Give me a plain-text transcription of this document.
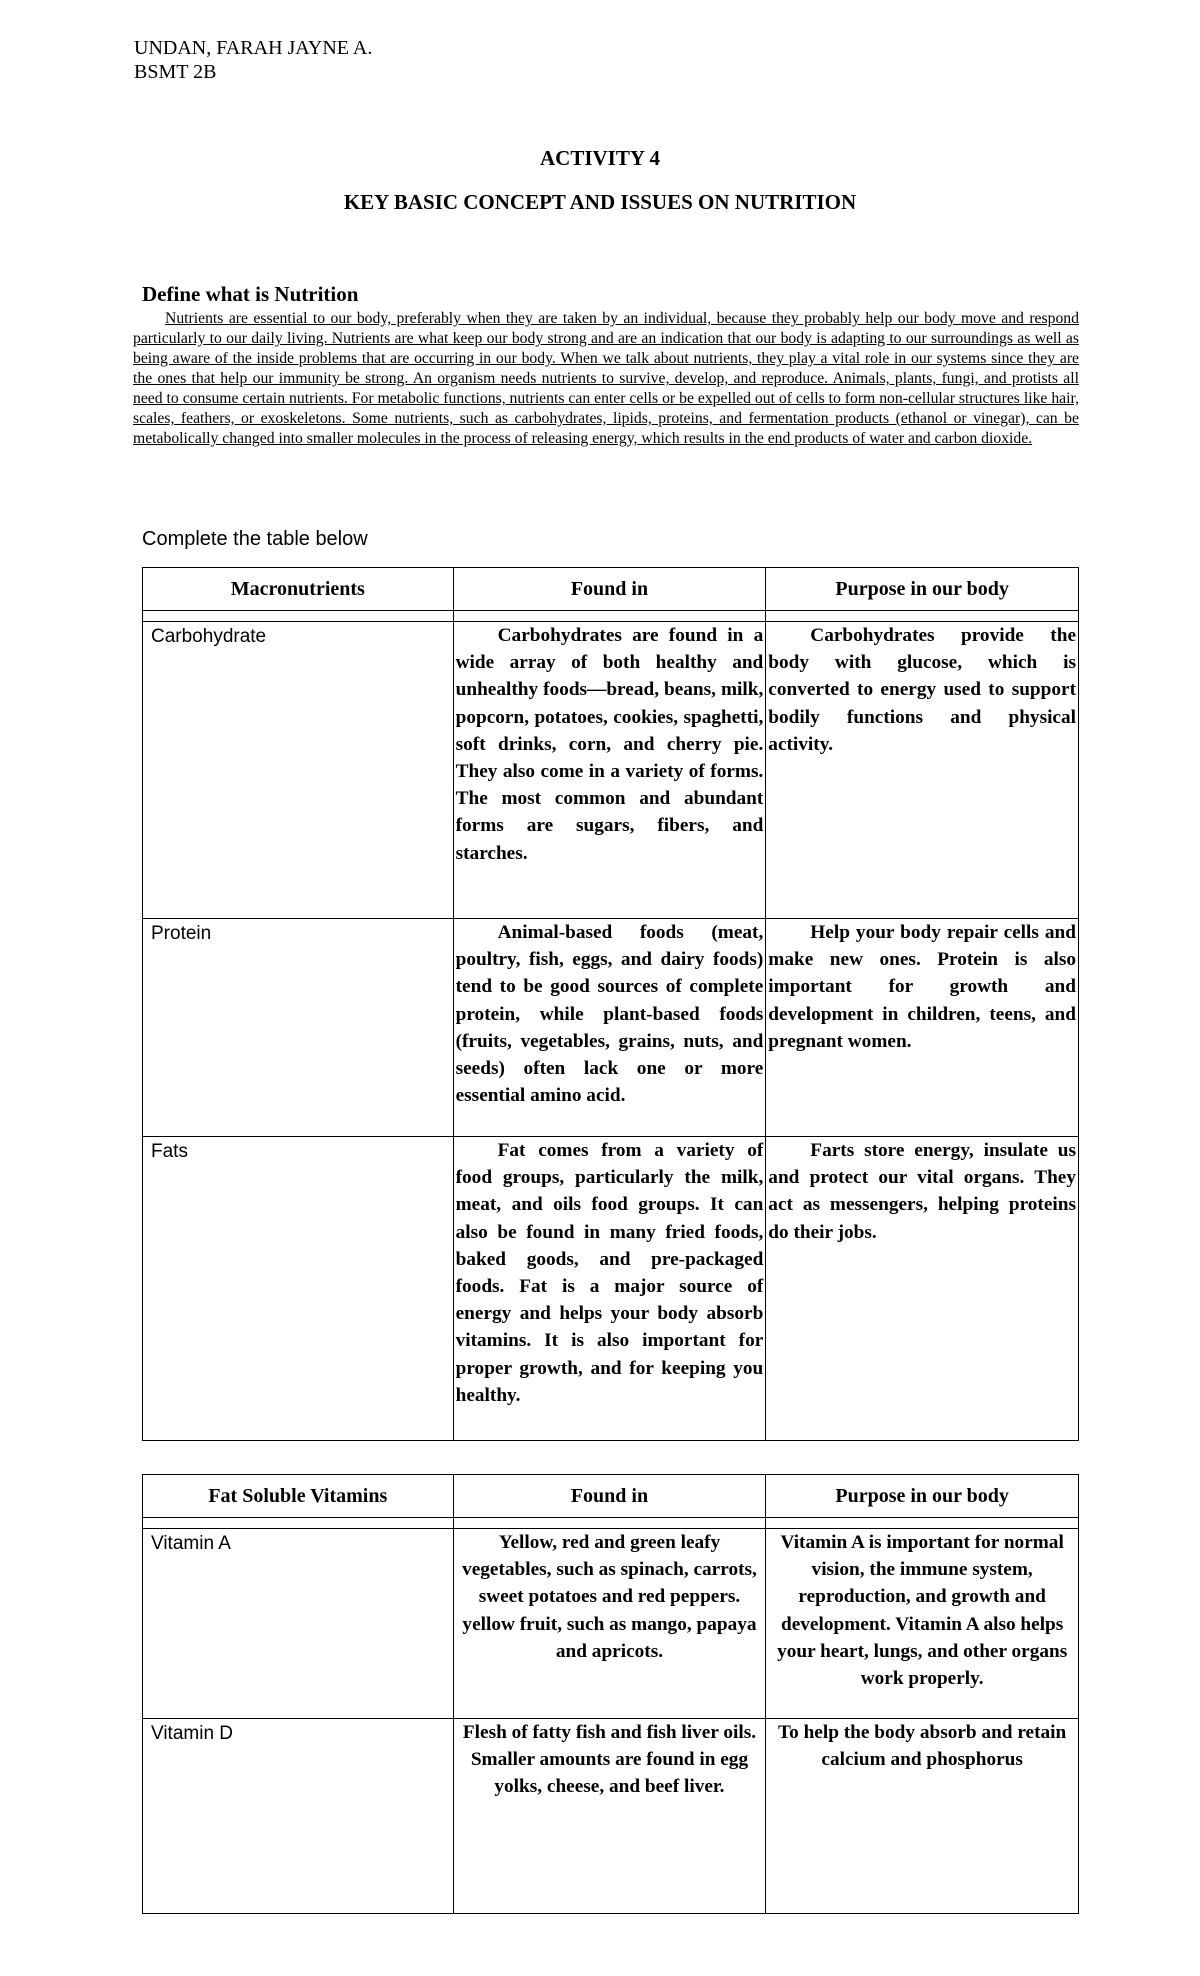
UNDAN, FARAH JAYNE A.
BSMT 2B
ACTIVITY 4
KEY BASIC CONCEPT AND ISSUES ON NUTRITION
Define what is Nutrition

Nutrients are essential to our body, preferably when they are taken by an individual, because they probably help our body move and respond particularly to our daily living. Nutrients are what keep our body strong and are an indication that our body is adapting to our surroundings as well as being aware of the inside problems that are occurring in our body. When we talk about nutrients, they play a vital role in our systems since they are the ones that help our immunity be strong. An organism needs nutrients to survive, develop, and reproduce. Animals, plants, fungi, and protists all need to consume certain nutrients. For metabolic functions, nutrients can enter cells or be expelled out of cells to form non-cellular structures like hair, scales, feathers, or exoskeletons. Some nutrients, such as carbohydrates, lipids, proteins, and fermentation products (ethanol or vinegar), can be metabolically changed into smaller molecules in the process of releasing energy, which results in the end products of water and carbon dioxide.

Complete the table below
Macronutrients	Found in	Purpose in our body

Carbohydrate	Carbohydrates are found in a wide array of both healthy and unhealthy foods—bread, beans, milk, popcorn, potatoes, cookies, spaghetti, soft drinks, corn, and cherry pie. They also come in a variety of forms. The most common and abundant forms are sugars, fibers, and starches.	Carbohydrates provide the body with glucose, which is converted to energy used to support bodily functions and physical activity.
Protein	Animal-based foods (meat, poultry, fish, eggs, and dairy foods) tend to be good sources of complete protein, while plant-based foods (fruits, vegetables, grains, nuts, and seeds) often lack one or more essential amino acid.	Help your body repair cells and make new ones. Protein is also important for growth and development in children, teens, and pregnant women.
Fats	Fat comes from a variety of food groups, particularly the milk, meat, and oils food groups. It can also be found in many fried foods, baked goods, and pre-packaged foods. Fat is a major source of energy and helps your body absorb vitamins. It is also important for proper growth, and for keeping you healthy.	Farts store energy, insulate us and protect our vital organs. They act as messengers, helping proteins do their jobs.
Fat Soluble Vitamins	Found in	Purpose in our body

Vitamin A	Yellow, red and green leafy vegetables, such as spinach, carrots, sweet potatoes and red peppers. yellow fruit, such as mango, papaya and apricots.	Vitamin A is important for normal vision, the immune system, reproduction, and growth and development. Vitamin A also helps your heart, lungs, and other organs work properly.
Vitamin D	Flesh of fatty fish and fish liver oils. Smaller amounts are found in egg yolks, cheese, and beef liver.	To help the body absorb and retain calcium and phosphorus
